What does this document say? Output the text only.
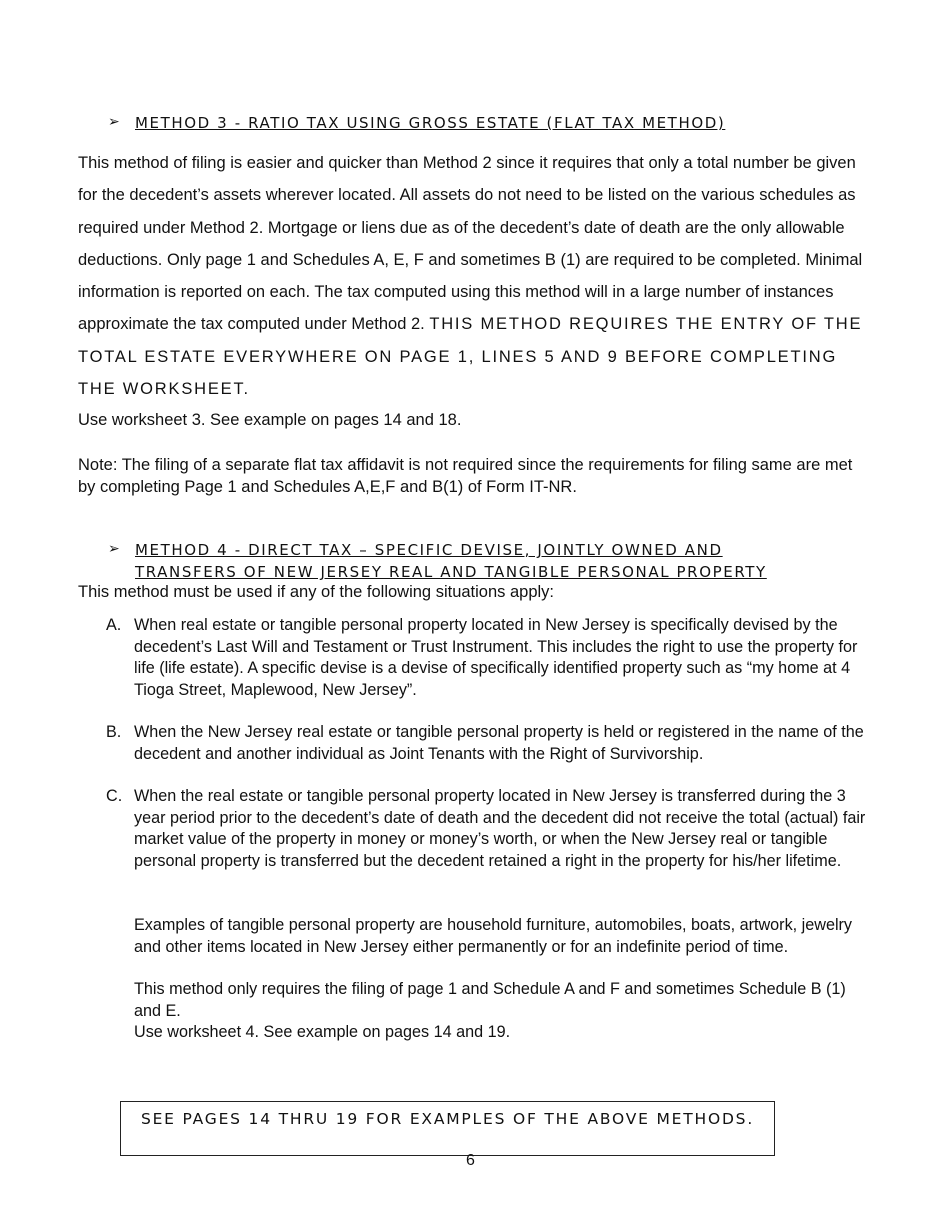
➢ METHOD 3 - RATIO TAX USING GROSS ESTATE (FLAT TAX METHOD)
This method of filing is easier and quicker than Method 2 since it requires that only a total number be given for the decedent’s assets wherever located. All assets do not need to be listed on the various schedules as required under Method 2. Mortgage or liens due as of the decedent’s date of death are the only allowable deductions. Only page 1 and Schedules A, E, F and sometimes B (1) are required to be completed. Minimal information is reported on each. The tax computed using this method will in a large number of instances approximate the tax computed under Method 2. THIS METHOD REQUIRES THE ENTRY OF THE TOTAL ESTATE EVERYWHERE ON PAGE 1, LINES 5 AND 9 BEFORE COMPLETING THE WORKSHEET.
Use worksheet 3. See example on pages 14 and 18.
Note: The filing of a separate flat tax affidavit is not required since the requirements for filing same are met by completing Page 1 and Schedules A,E,F and B(1) of Form IT-NR.
➢ METHOD 4 - DIRECT TAX – SPECIFIC DEVISE, JOINTLY OWNED AND
TRANSFERS OF NEW JERSEY REAL AND TANGIBLE PERSONAL PROPERTY
This method must be used if any of the following situations apply:
A. When real estate or tangible personal property located in New Jersey is specifically devised by the decedent’s Last Will and Testament or Trust Instrument. This includes the right to use the property for life (life estate). A specific devise is a devise of specifically identified property such as “my home at 4 Tioga Street, Maplewood, New Jersey”.
B. When the New Jersey real estate or tangible personal property is held or registered in the name of the decedent and another individual as Joint Tenants with the Right of Survivorship.
C. When the real estate or tangible personal property located in New Jersey is transferred during the 3 year period prior to the decedent’s date of death and the decedent did not receive the total (actual) fair market value of the property in money or money’s worth, or when the New Jersey real or tangible personal property is transferred but the decedent retained a right in the property for his/her lifetime.
Examples of tangible personal property are household furniture, automobiles, boats, artwork, jewelry and other items located in New Jersey either permanently or for an indefinite period of time.
This method only requires the filing of page 1 and Schedule A and F and sometimes Schedule B (1) and E.
Use worksheet 4. See example on pages 14 and 19.
SEE PAGES 14 THRU 19 FOR EXAMPLES OF THE ABOVE METHODS.
6
